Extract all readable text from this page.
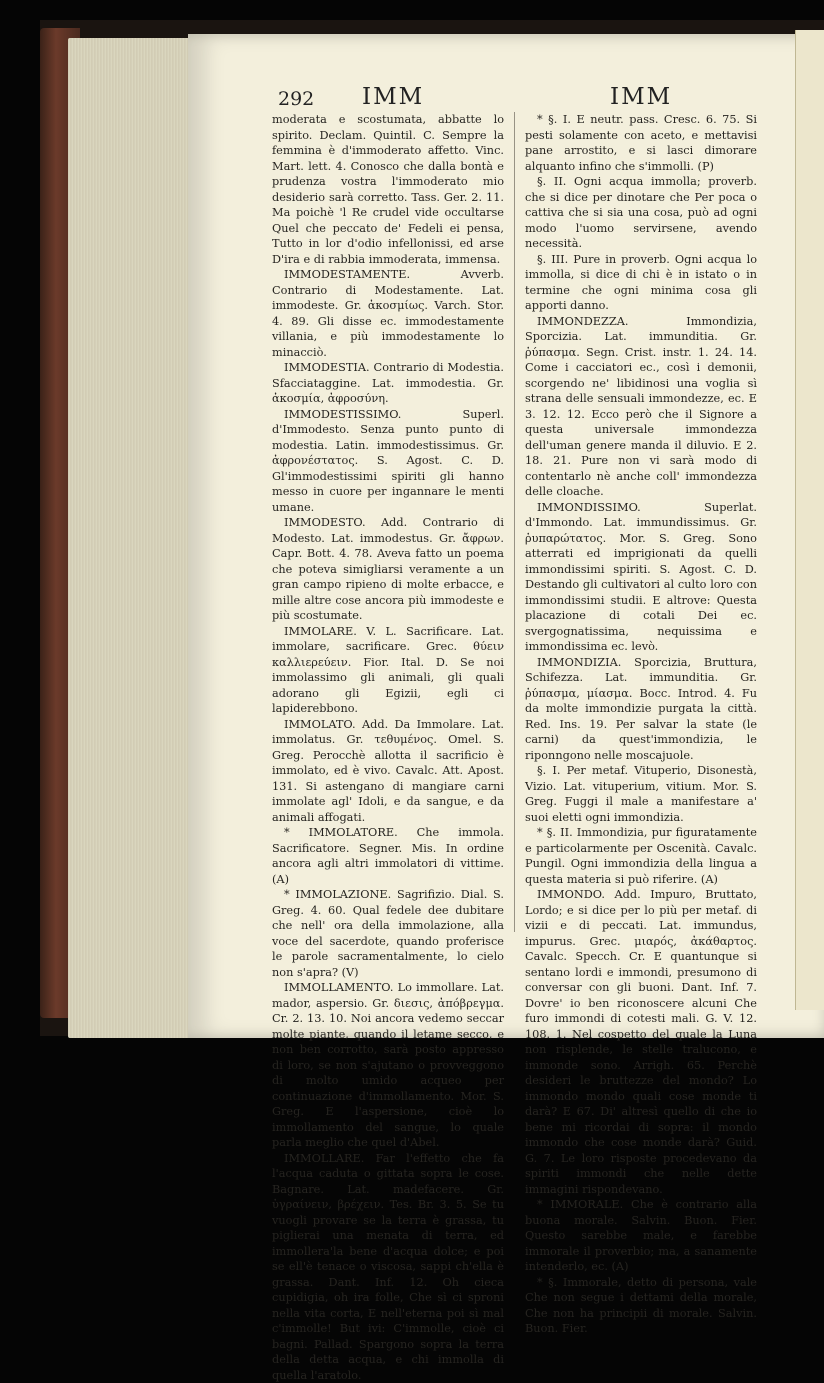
292 IMM	IMM

moderata e scostumata, abbatte lo spirito. Declam. Quintil. C. Sempre la femmina è d'immoderato affetto. Vinc. Mart. lett. 4. Conosco che dalla bontà e prudenza vostra l'immoderato mio desiderio sarà corretto. Tass. Ger. 2. 11. Ma poichè 'l Re crudel vide occultarse Quel che peccato de' Fedeli ei pensa, Tutto in lor d'odio infellonissi, ed arse D'ira e di rabbia immoderata, immensa.

IMMODESTAMENTE. Avverb. Contrario di Modestamente. Lat. immodeste. Gr. ἀκοσμίως. Varch. Stor. 4. 89. Gli disse ec. immodestamente villania, e più immodestamente lo minacciò.

IMMODESTIA. Contrario di Modestia. Sfacciataggine. Lat. immodestia. Gr. ἀκοσμία, ἀφροσύνη.

IMMODESTISSIMO. Superl. d'Immodesto. Senza punto punto di modestia. Latin. immodestissimus. Gr. ἀφρονέστατος. S. Agost. C. D. Gl'immodestissimi spiriti gli hanno messo in cuore per ingannare le menti umane.

IMMODESTO. Add. Contrario di Modesto. Lat. immodestus. Gr. ἄφρων. Capr. Bott. 4. 78. Aveva fatto un poema che poteva simigliarsi veramente a un gran campo ripieno di molte erbacce, e mille altre cose ancora più immodeste e più scostumate.

IMMOLARE. V. L. Sacrificare. Lat. immolare, sacrificare. Grec. θύειν καλλιερεύειν. Fior. Ital. D. Se noi immolassimo gli animali, gli quali adorano gli Egizii, egli ci lapiderebbono.

IMMOLATO. Add. Da Immolare. Lat. immolatus. Gr. τεθυμένος. Omel. S. Greg. Perocchè allotta il sacrificio è immolato, ed è vivo. Cavalc. Att. Apost. 131. Si astengano di mangiare carni immolate agl' Idoli, e da sangue, e da animali affogati.

* IMMOLATORE. Che immola. Sacrificatore. Segner. Mis. In ordine ancora agli altri immolatori di vittime. (A)

* IMMOLAZIONE. Sagrifizio. Dial. S. Greg. 4. 60. Qual fedele dee dubitare che nell' ora della immolazione, alla voce del sacerdote, quando proferisce le parole sacramentalmente, lo cielo non s'apra? (V)

IMMOLLAMENTO. Lo immollare. Lat. mador, aspersio. Gr. διεσις, ἀπόβρεγμα. Cr. 2. 13. 10. Noi ancora vedemo seccar molte piante, quando il letame secco, e non ben corrotto, sarà posto appresso di loro, se non s'ajutano o provveggono di molto umido acqueo per continuazione d'immollamento. Mor. S. Greg. E l'aspersione, cioè lo immollamento del sangue, lo quale parla meglio che quel d'Abel.

IMMOLLARE. Far l'effetto che fa l'acqua caduta o gittata sopra le cose. Bagnare. Lat. madefacere. Gr. ὑγραίνειν, βρέχειν. Tes. Br. 3. 5. Se tu vuogli provare se la terra è grassa, tu piglierai una menata di terra, ed immollera'la bene d'acqua dolce; e poi se ell'è tenace o viscosa, sappi ch'ella è grassa. Dant. Inf. 12. Oh cieca cupidigia, oh ira folle, Che sì ci sproni nella vita corta, E nell'eterna poi sì mal c'immolle! But ivi: C'immolle, cioè ci bagni. Pallad. Spargono sopra la terra della detta acqua, e chi immolla di quella l'aratolo.

* §. I. E neutr. pass. Cresc. 6. 75. Si pesti solamente con aceto, e mettavisi pane arrostito, e si lasci dimorare alquanto infino che s'immolli. (P)

§. II. Ogni acqua immolla; proverb. che si dice per dinotare che Per poca o cattiva che si sia una cosa, può ad ogni modo l'uomo servirsene, avendo necessità.

§. III. Pure in proverb. Ogni acqua lo immolla, si dice di chi è in istato o in termine che ogni minima cosa gli apporti danno.

IMMONDEZZA. Immondizia, Sporcizia. Lat. immunditia. Gr. ῥύπασμα. Segn. Crist. instr. 1. 24. 14. Come i cacciatori ec., così i demonii, scorgendo ne' libidinosi una voglia sì strana delle sensuali immondezze, ec. E 3. 12. 12. Ecco però che il Signore a questa universale immondezza dell'uman genere manda il diluvio. E 2. 18. 21. Pure non vi sarà modo di contentarlo nè anche coll' immondezza delle cloache.

IMMONDISSIMO. Superlat. d'Immondo. Lat. immundissimus. Gr. ῥυπαρώτατος. Mor. S. Greg. Sono atterrati ed imprigionati da quelli immondissimi spiriti. S. Agost. C. D. Destando gli cultivatori al culto loro con immondissimi studii. E altrove: Questa placazione di cotali Dei ec. svergognatissima, nequissima e immondissima ec. levò.

IMMONDIZIA. Sporcizia, Bruttura, Schifezza. Lat. immunditia. Gr. ῥύπασμα, μίασμα. Bocc. Introd. 4. Fu da molte immondizie purgata la città. Red. Ins. 19. Per salvar la state (le carni) da quest'immondizia, le riponngono nelle moscajuole.

§. I. Per metaf. Vituperio, Disonestà, Vizio. Lat. vituperium, vitium. Mor. S. Greg. Fuggi il male a manifestare a' suoi eletti ogni immondizia.

* §. II. Immondizia, pur figuratamente e particolarmente per Oscenità. Cavalc. Pungil. Ogni immondizia della lingua a questa materia si può riferire. (A)

IMMONDO. Add. Impuro, Bruttato, Lordo; e si dice per lo più per metaf. di vizii e di peccati. Lat. immundus, impurus. Grec. μιαρός, ἀκάθαρτος. Cavalc. Specch. Cr. E quantunque si sentano lordi e immondi, presumono di conversar con gli buoni. Dant. Inf. 7. Dovre' io ben riconoscere alcuni Che furo immondi di cotesti mali. G. V. 12. 108. 1. Nel cospetto del quale la Luna non risplende, le stelle tralucono, e immonde sono. Arrigh. 65. Perchè desideri le bruttezze del mondo? Lo immondo mondo quali cose monde ti darà? E 67. Di' altresì quello di che io bene mi ricordai di sopra: il mondo immondo che cose monde darà? Guid. G. 7. Le loro risposte procedevano da spiriti immondi che nelle dette immagini rispondevano.

* IMMORALE. Che è contrario alla buona morale. Salvin. Buon. Fier. Questo sarebbe male, e farebbe immorale il proverbio; ma, a sanamente intenderlo, ec. (A)

* §. Immorale, detto di persona, vale Che non segue i dettami della morale, Che non ha principii di morale. Salvin. Buon. Fier.
